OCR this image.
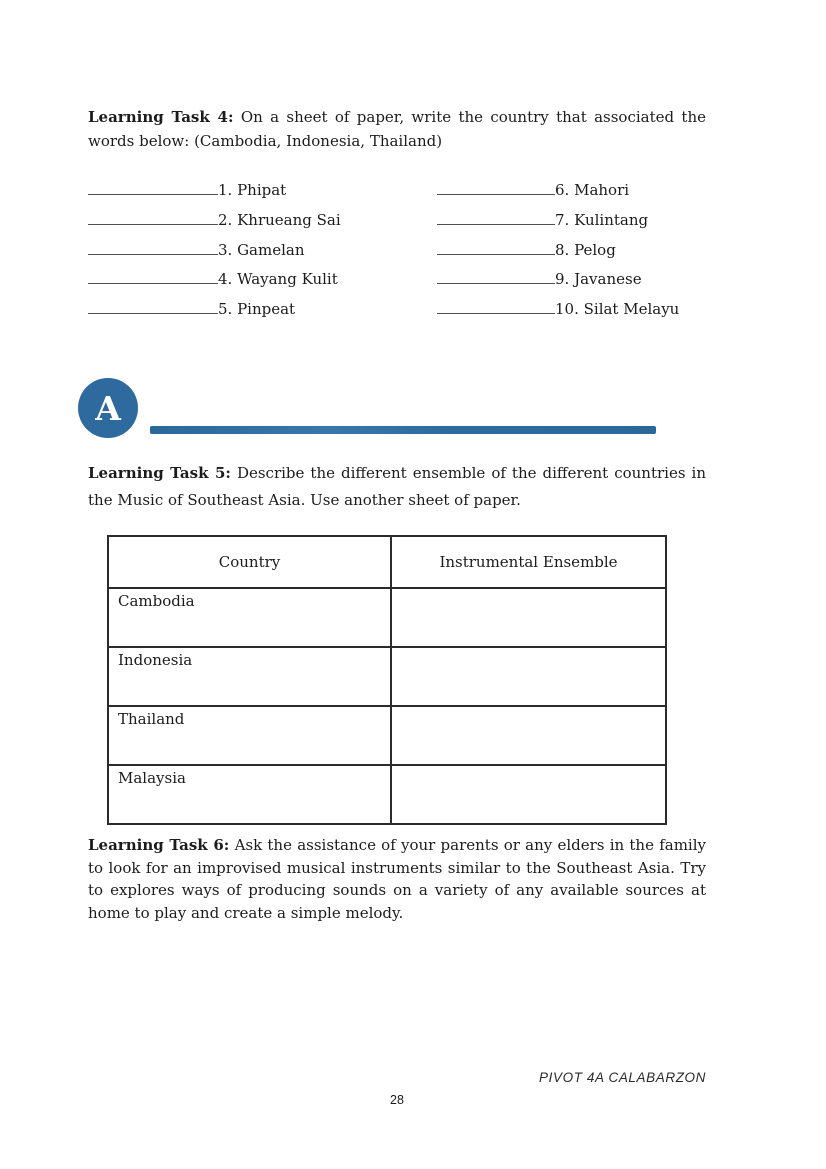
Learning Task 4: On a sheet of paper, write the country that associated the
words below: (Cambodia, Indonesia, Thailand)
1. Phipat	6. Mahori
2. Khrueang Sai	7. Kulintang
3. Gamelan	8. Pelog
4. Wayang Kulit	9. Javanese
5. Pinpeat	10. Silat Melayu
A
Learning Task 5: Describe the different ensemble of the different countries in
the Music of Southeast Asia. Use another sheet of paper.
Country	Instrumental Ensemble
Cambodia	
Indonesia	
Thailand	
Malaysia	
Learning Task 6: Ask the assistance of your parents or any elders in the family
to look for an improvised musical instruments similar to the Southeast Asia. Try
to explores ways of producing sounds on a variety of any available sources at
home to play and create a simple melody.
PIVOT 4A CALABARZON
28
